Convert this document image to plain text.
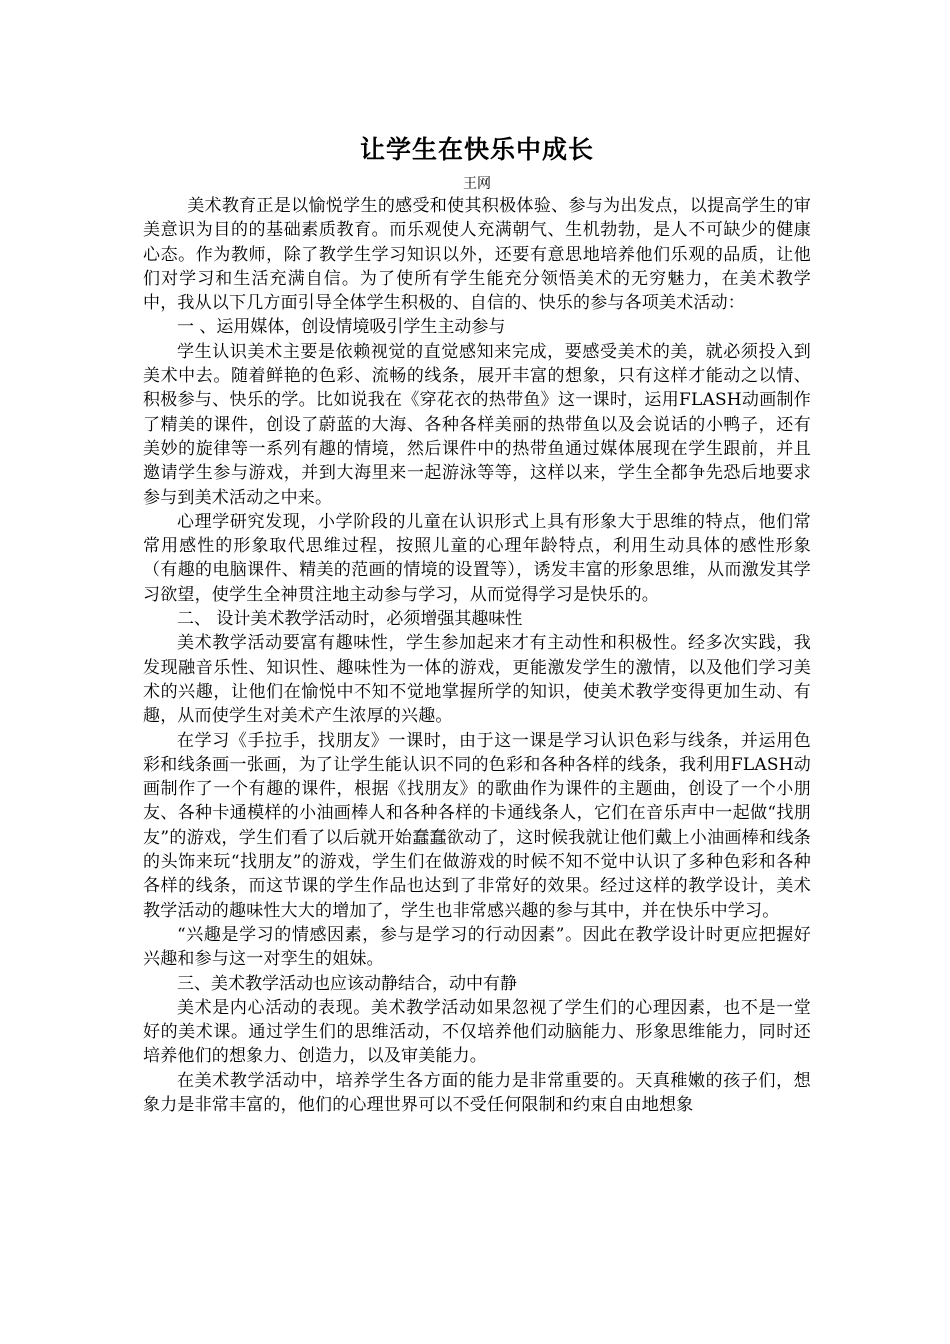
让学生在快乐中成长
王网

美术教育正是以愉悦学生的感受和使其积极体验、参与为出发点，以提高学生的审美意识为目的的基础素质教育。而乐观使人充满朝气、生机勃勃，是人不可缺少的健康心态。作为教师，除了教学生学习知识以外，还要有意思地培养他们乐观的品质，让他们对学习和生活充满自信。为了使所有学生能充分领悟美术的无穷魅力，在美术教学中，我从以下几方面引导全体学生积极的、自信的、快乐的参与各项美术活动：

一 、运用媒体，创设情境吸引学生主动参与

学生认识美术主要是依赖视觉的直觉感知来完成，要感受美术的美，就必须投入到美术中去。随着鲜艳的色彩、流畅的线条，展开丰富的想象，只有这样才能动之以情、积极参与、快乐的学。比如说我在《穿花衣的热带鱼》这一课时，运用FLASH动画制作了精美的课件，创设了蔚蓝的大海、各种各样美丽的热带鱼以及会说话的小鸭子，还有美妙的旋律等一系列有趣的情境，然后课件中的热带鱼通过媒体展现在学生跟前，并且邀请学生参与游戏，并到大海里来一起游泳等等，这样以来，学生全都争先恐后地要求参与到美术活动之中来。

心理学研究发现，小学阶段的儿童在认识形式上具有形象大于思维的特点，他们常常用感性的形象取代思维过程，按照儿童的心理年龄特点，利用生动具体的感性形象（有趣的电脑课件、精美的范画的情境的设置等），诱发丰富的形象思维，从而激发其学习欲望，使学生全神贯注地主动参与学习，从而觉得学习是快乐的。

二、 设计美术教学活动时，必须增强其趣味性

美术教学活动要富有趣味性，学生参加起来才有主动性和积极性。经多次实践，我发现融音乐性、知识性、趣味性为一体的游戏，更能激发学生的激情，以及他们学习美术的兴趣，让他们在愉悦中不知不觉地掌握所学的知识，使美术教学变得更加生动、有趣，从而使学生对美术产生浓厚的兴趣。

在学习《手拉手，找朋友》一课时，由于这一课是学习认识色彩与线条，并运用色彩和线条画一张画，为了让学生能认识不同的色彩和各种各样的线条，我利用FLASH动画制作了一个有趣的课件，根据《找朋友》的歌曲作为课件的主题曲，创设了一个小朋友、各种卡通模样的小油画棒人和各种各样的卡通线条人，它们在音乐声中一起做“找朋友”的游戏，学生们看了以后就开始蠢蠢欲动了，这时候我就让他们戴上小油画棒和线条的头饰来玩“找朋友”的游戏，学生们在做游戏的时候不知不觉中认识了多种色彩和各种各样的线条，而这节课的学生作品也达到了非常好的效果。经过这样的教学设计，美术教学活动的趣味性大大的增加了，学生也非常感兴趣的参与其中，并在快乐中学习。

“兴趣是学习的情感因素，参与是学习的行动因素”。因此在教学设计时更应把握好兴趣和参与这一对孪生的姐妹。

三、美术教学活动也应该动静结合，动中有静

美术是内心活动的表现。美术教学活动如果忽视了学生们的心理因素，也不是一堂好的美术课。通过学生们的思维活动，不仅培养他们动脑能力、形象思维能力，同时还培养他们的想象力、创造力，以及审美能力。

在美术教学活动中，培养学生各方面的能力是非常重要的。天真稚嫩的孩子们，想象力是非常丰富的，他们的心理世界可以不受任何限制和约束自由地想象
